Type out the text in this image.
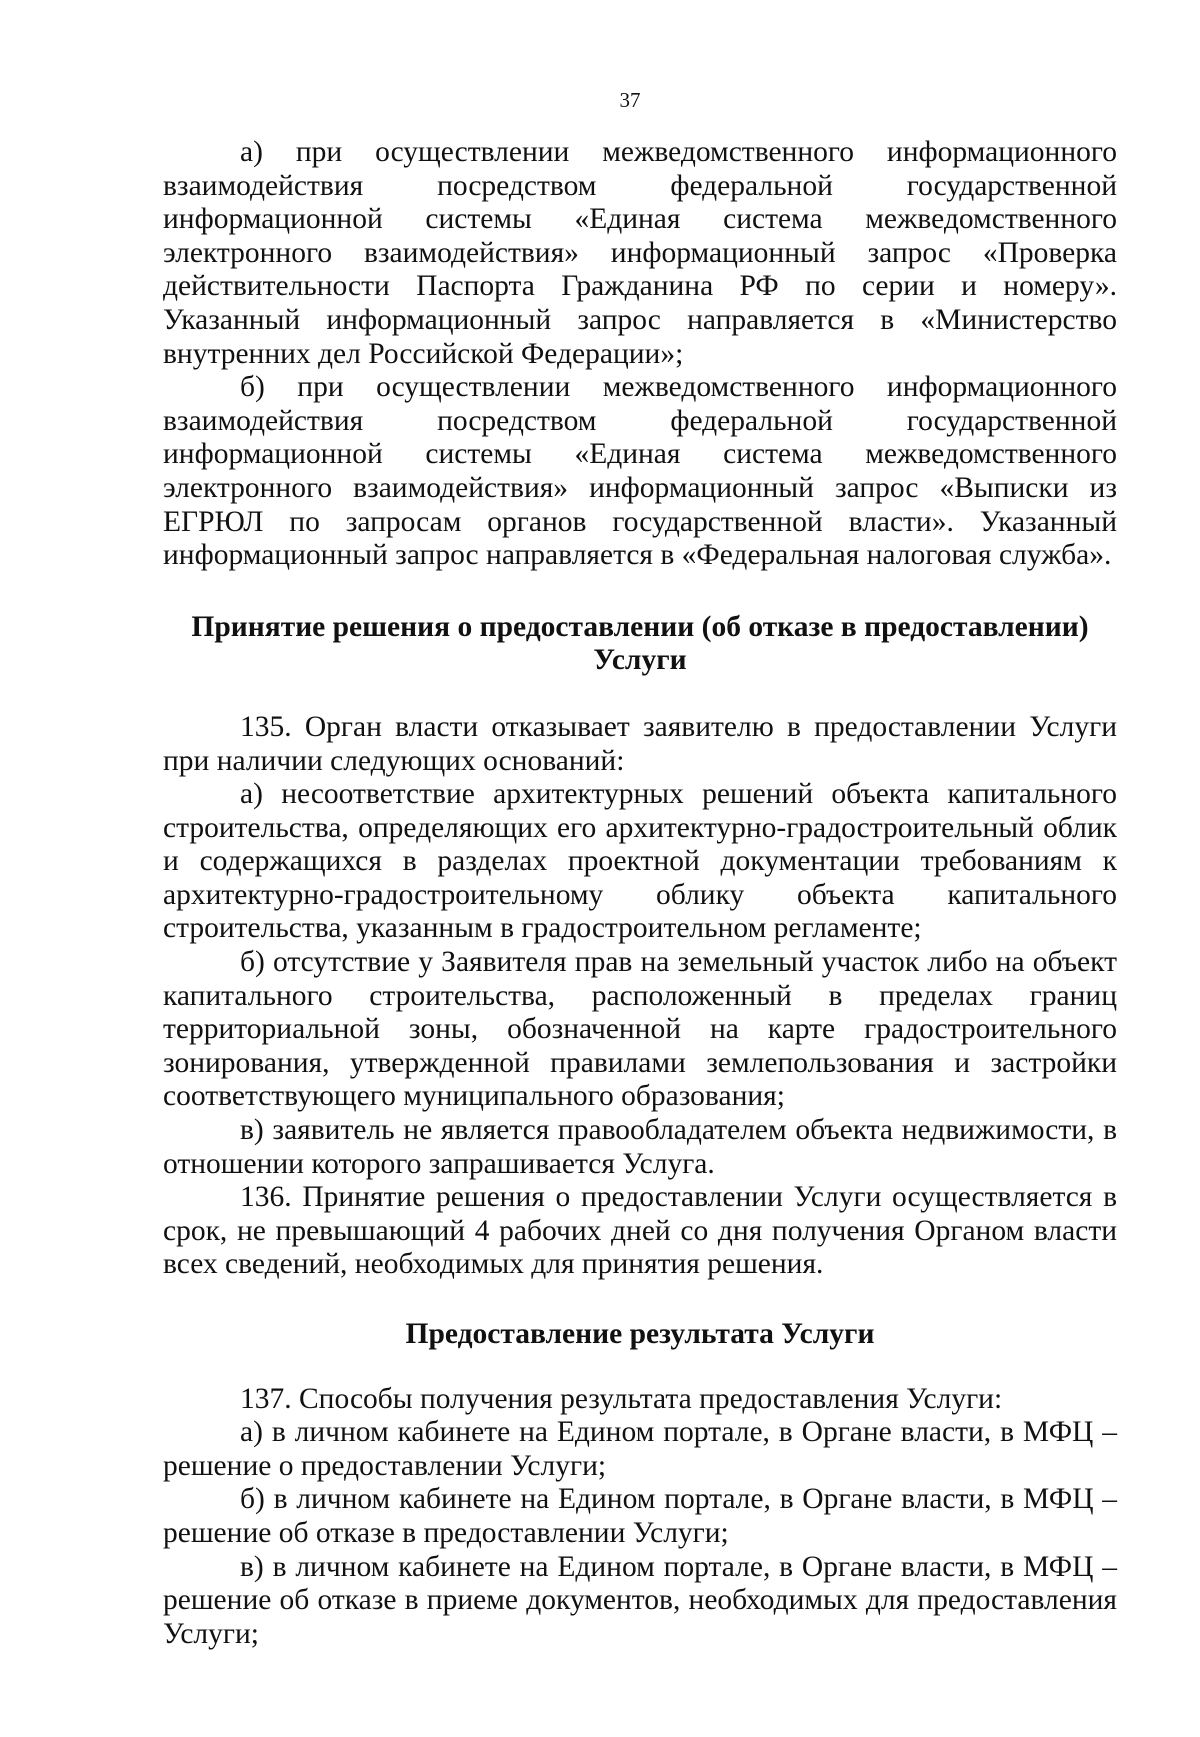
37

а) при осуществлении межведомственного информационного взаимодействия посредством федеральной государственной информационной системы «Единая система межведомственного электронного взаимодействия» информационный запрос «Проверка действительности Паспорта Гражданина РФ по серии и номеру». Указанный информационный запрос направляется в «Министерство внутренних дел Российской Федерации»;

б) при осуществлении межведомственного информационного взаимодействия посредством федеральной государственной информационной системы «Единая система межведомственного электронного взаимодействия» информационный запрос «Выписки из ЕГРЮЛ по запросам органов государственной власти». Указанный информационный запрос направляется в «Федеральная налоговая служба».

Принятие решения о предоставлении (об отказе в предоставлении) Услуги

135. Орган власти отказывает заявителю в предоставлении Услуги при наличии следующих оснований:

а) несоответствие архитектурных решений объекта капитального строительства, определяющих его архитектурно-градостроительный облик и содержащихся в разделах проектной документации требованиям к архитектурно-градостроительному облику объекта капитального строительства, указанным в градостроительном регламенте;

б) отсутствие у Заявителя прав на земельный участок либо на объект капитального строительства, расположенный в пределах границ территориальной зоны, обозначенной на карте градостроительного зонирования, утвержденной правилами землепользования и застройки соответствующего муниципального образования;

в) заявитель не является правообладателем объекта недвижимости, в отношении которого запрашивается Услуга.

136. Принятие решения о предоставлении Услуги осуществляется в срок, не превышающий 4 рабочих дней со дня получения Органом власти всех сведений, необходимых для принятия решения.

Предоставление результата Услуги

137. Способы получения результата предоставления Услуги:

а) в личном кабинете на Едином портале, в Органе власти, в МФЦ – решение о предоставлении Услуги;

б) в личном кабинете на Едином портале, в Органе власти, в МФЦ – решение об отказе в предоставлении Услуги;

в) в личном кабинете на Едином портале, в Органе власти, в МФЦ – решение об отказе в приеме документов, необходимых для предоставления Услуги;
